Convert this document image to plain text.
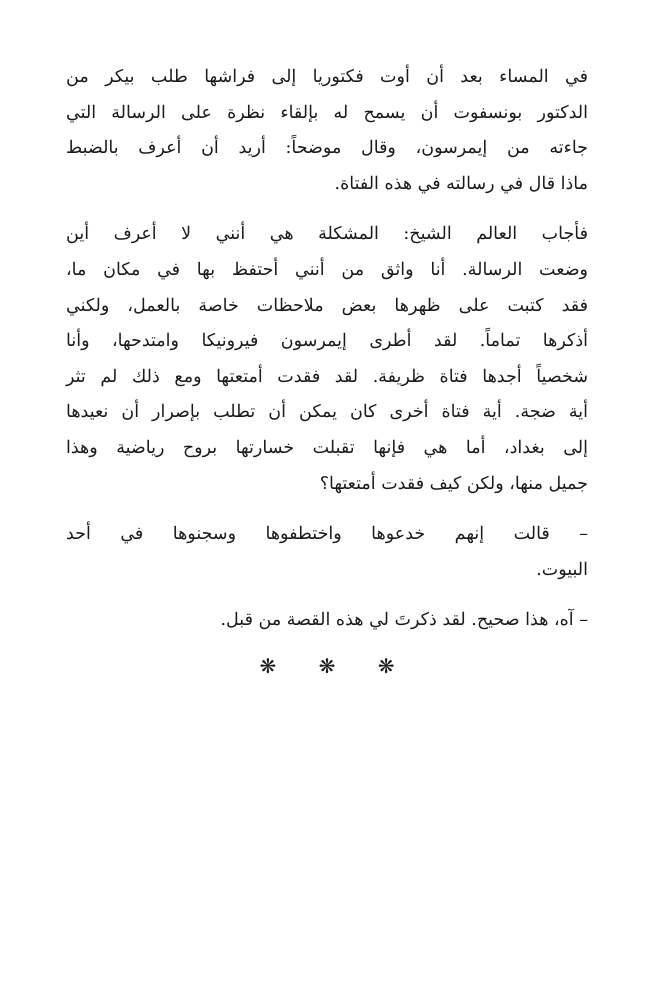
في المساء بعد أن أوت فكتوريا إلى فراشها طلب بيكر من
الدكتور بونسفوت أن يسمح له بإلقاء نظرة على الرسالة التي
جاءته من إيمرسون، وقال موضحاً: أريد أن أعرف بالضبط
ماذا قال في رسالته في هذه الفتاة.
فأجاب العالم الشيخ: المشكلة هي أنني لا أعرف أين
وضعت الرسالة. أنا واثق من أنني أحتفظ بها في مكان ما،
فقد كتبت على ظهرها بعض ملاحظات خاصة بالعمل، ولكني
أذكرها تماماً. لقد أطرى إيمرسون فيرونيكا وامتدحها، وأنا
شخصياً أجدها فتاة ظريفة. لقد فقدت أمتعتها ومع ذلك لم تثر
أية ضجة. أية فتاة أخرى كان يمكن أن تطلب بإصرار أن نعيدها
إلى بغداد، أما هي فإنها تقبلت خسارتها بروح رياضية وهذا
جميل منها، ولكن كيف فقدت أمتعتها؟
– قالت إنهم خدعوها واختطفوها وسجنوها في أحد
البيوت.
– آه، هذا صحيح. لقد ذكرتَ لي هذه القصة من قبل.
❋ ❋ ❋
